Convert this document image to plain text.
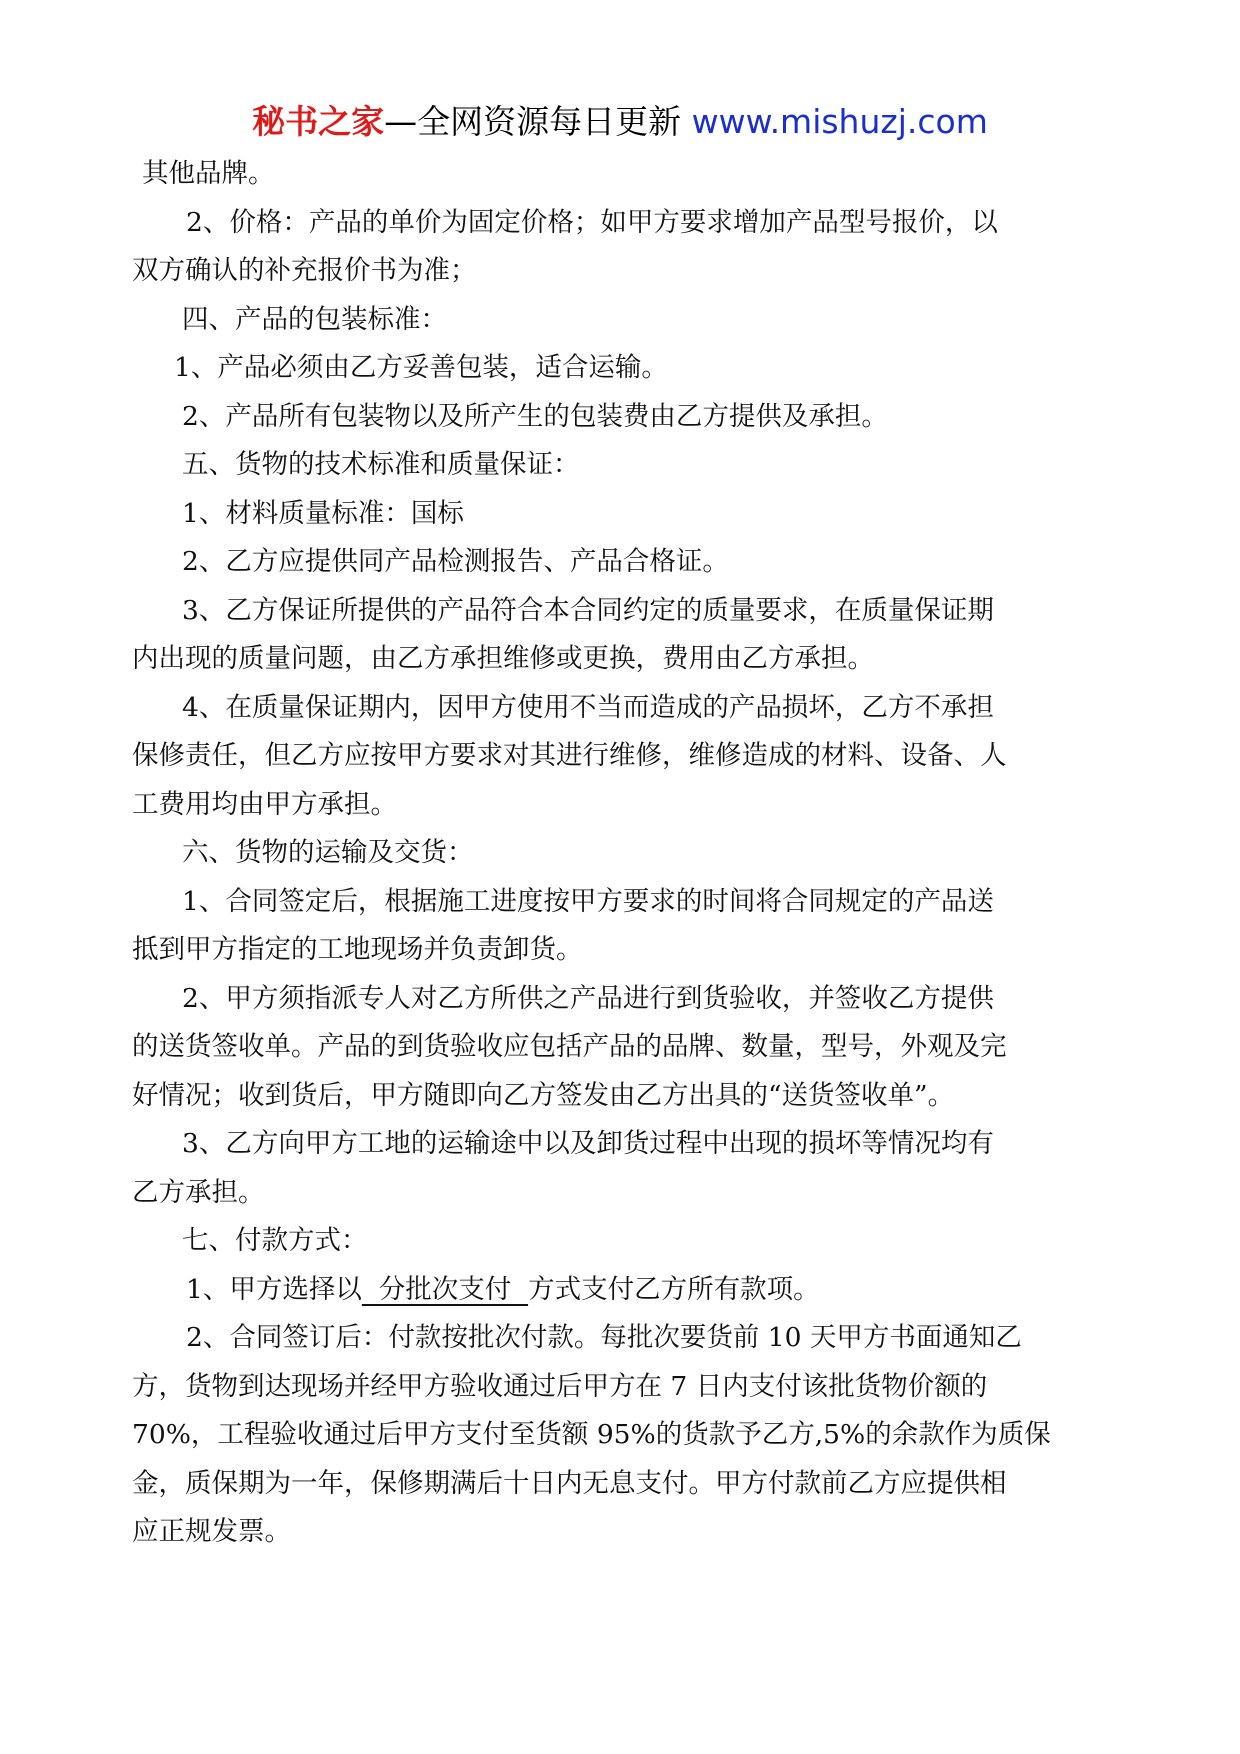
秘书之家—全网资源每日更新 www.mishuzj.com
其他品牌。
2、价格：产品的单价为固定价格；如甲方要求增加产品型号报价，以
双方确认的补充报价书为准；
四、产品的包装标准：
1、产品必须由乙方妥善包装，适合运输。
2、产品所有包装物以及所产生的包装费由乙方提供及承担。
五、货物的技术标准和质量保证：
1、材料质量标准：国标
2、乙方应提供同产品检测报告、产品合格证。
3、乙方保证所提供的产品符合本合同约定的质量要求，在质量保证期
内出现的质量问题，由乙方承担维修或更换，费用由乙方承担。
4、在质量保证期内，因甲方使用不当而造成的产品损坏，乙方不承担
保修责任，但乙方应按甲方要求对其进行维修，维修造成的材料、设备、人
工费用均由甲方承担。
六、货物的运输及交货：
1、合同签定后，根据施工进度按甲方要求的时间将合同规定的产品送
抵到甲方指定的工地现场并负责卸货。
2、甲方须指派专人对乙方所供之产品进行到货验收，并签收乙方提供
的送货签收单。产品的到货验收应包括产品的品牌、数量，型号，外观及完
好情况；收到货后，甲方随即向乙方签发由乙方出具的“送货签收单”。
3、乙方向甲方工地的运输途中以及卸货过程中出现的损坏等情况均有
乙方承担。
七、付款方式：
1、甲方选择以  分批次支付  方式支付乙方所有款项。
2、合同签订后：付款按批次付款。每批次要货前 10 天甲方书面通知乙
方，货物到达现场并经甲方验收通过后甲方在 7 日内支付该批货物价额的
70%，工程验收通过后甲方支付至货额 95%的货款予乙方,5%的余款作为质保
金，质保期为一年，保修期满后十日内无息支付。甲方付款前乙方应提供相
应正规发票。
